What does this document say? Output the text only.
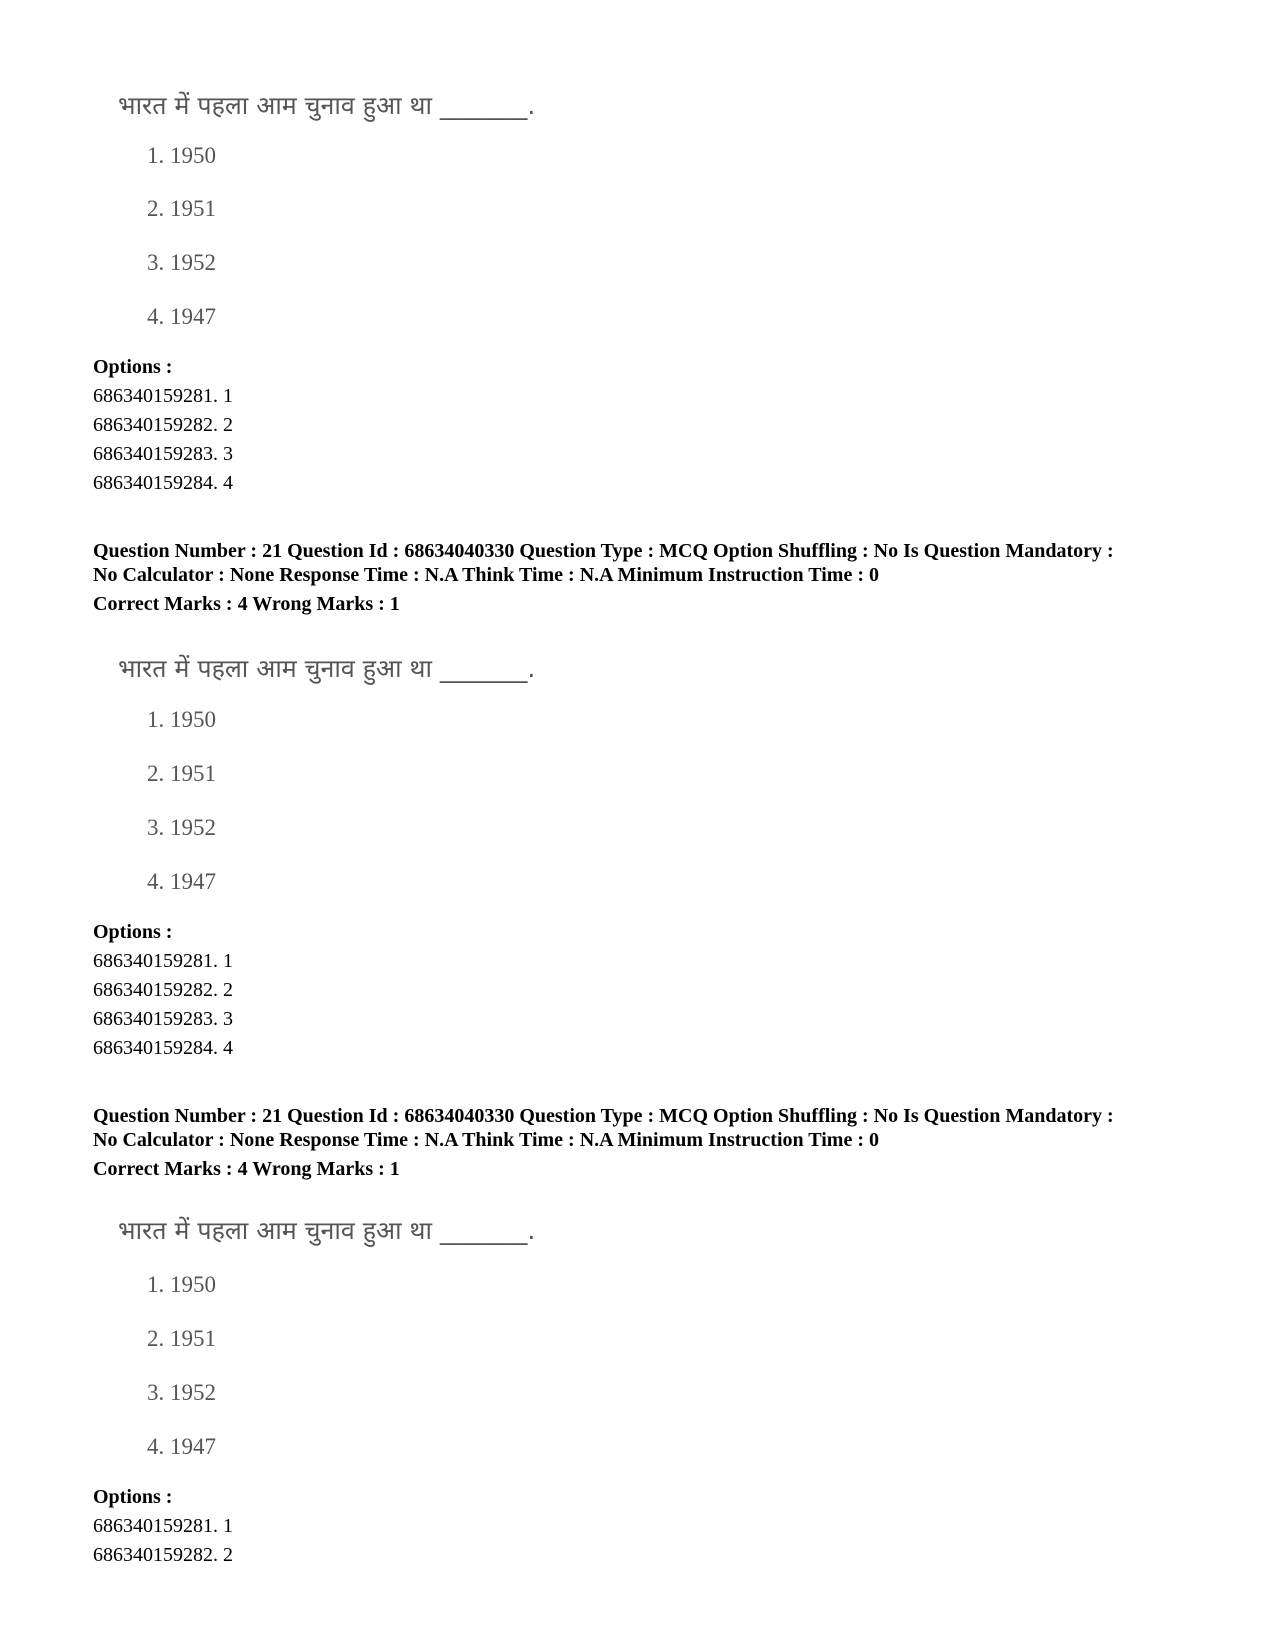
भारत में पहला आम चुनाव हुआ था _______.
1. 1950
2. 1951
3. 1952
4. 1947
Options :
686340159281. 1
686340159282. 2
686340159283. 3
686340159284. 4
Question Number : 21 Question Id : 68634040330 Question Type : MCQ Option Shuffling : No Is Question Mandatory :
No Calculator : None Response Time : N.A Think Time : N.A Minimum Instruction Time : 0
Correct Marks : 4 Wrong Marks : 1
भारत में पहला आम चुनाव हुआ था _______.
1. 1950
2. 1951
3. 1952
4. 1947
Options :
686340159281. 1
686340159282. 2
686340159283. 3
686340159284. 4
Question Number : 21 Question Id : 68634040330 Question Type : MCQ Option Shuffling : No Is Question Mandatory :
No Calculator : None Response Time : N.A Think Time : N.A Minimum Instruction Time : 0
Correct Marks : 4 Wrong Marks : 1
भारत में पहला आम चुनाव हुआ था _______.
1. 1950
2. 1951
3. 1952
4. 1947
Options :
686340159281. 1
686340159282. 2
